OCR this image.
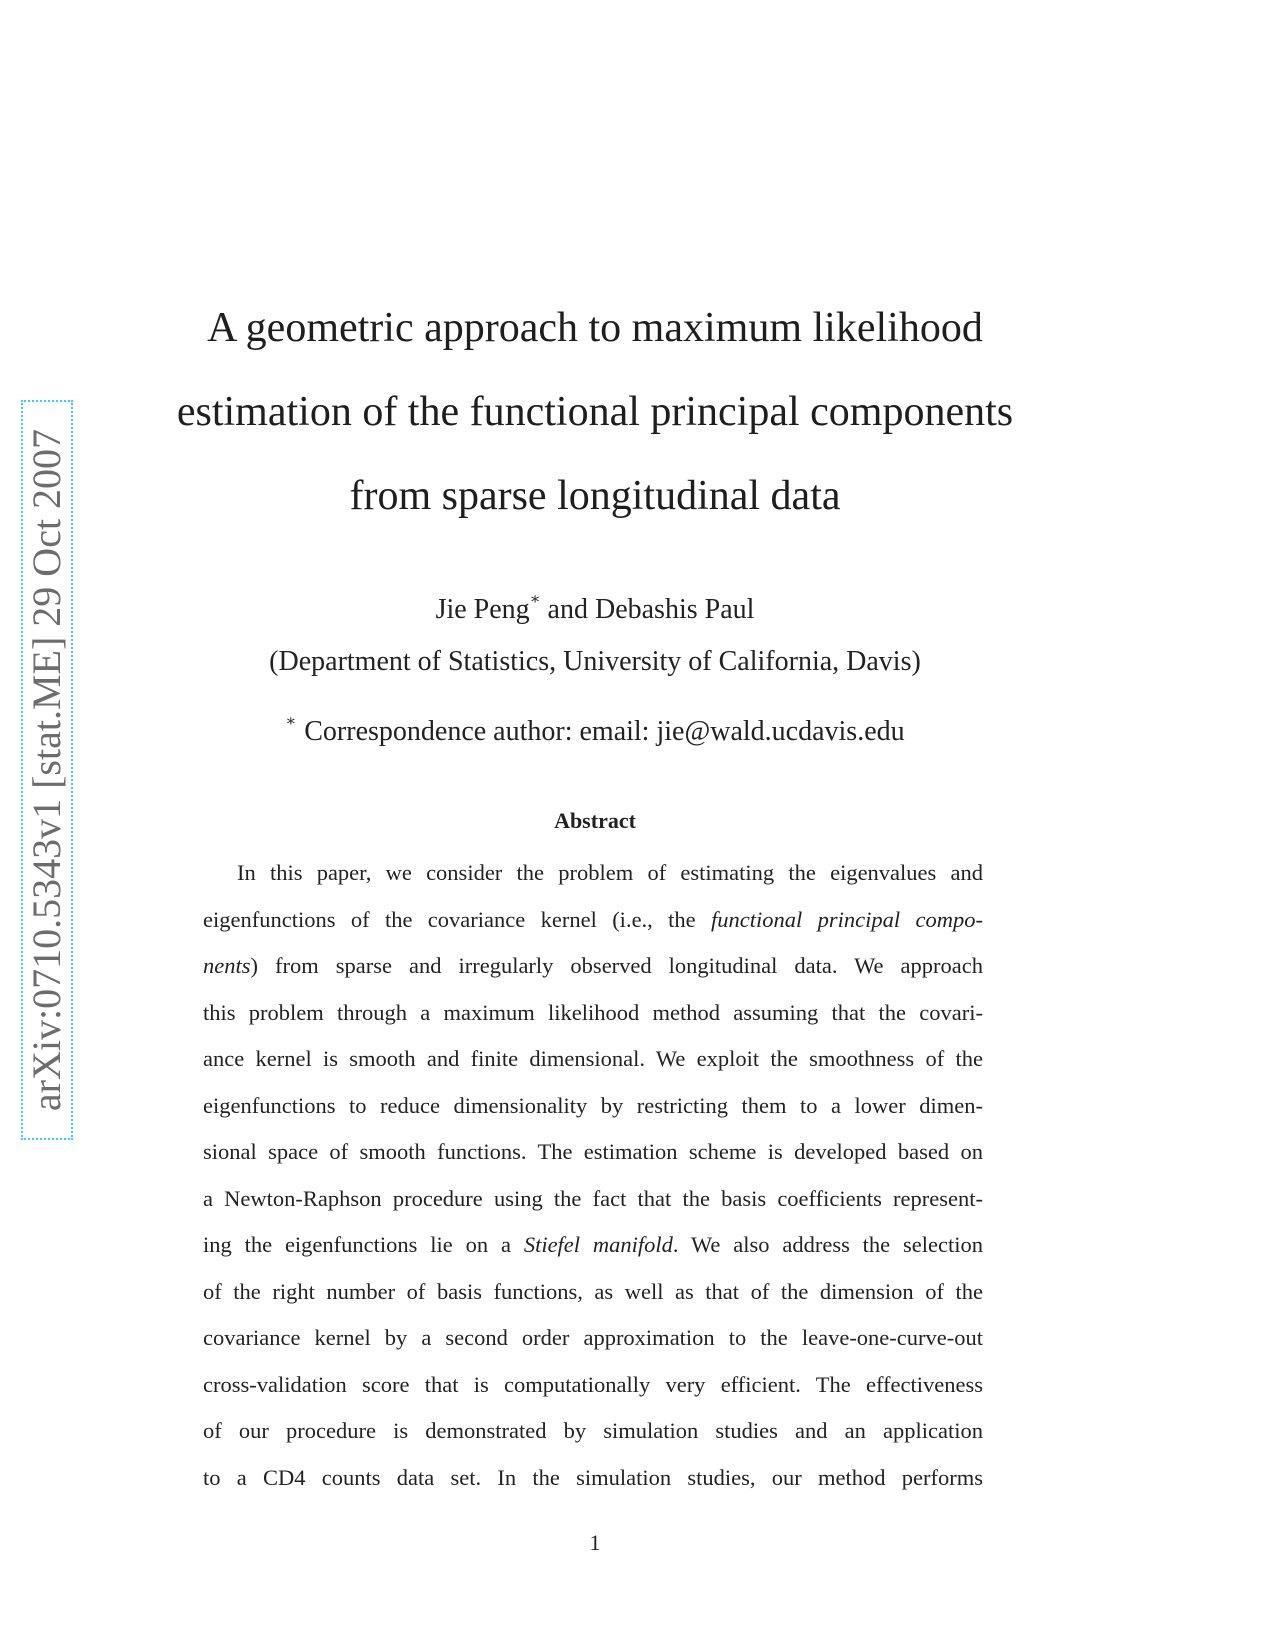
arXiv:0710.5343v1 [stat.ME] 29 Oct 2007
A geometric approach to maximum likelihood
estimation of the functional principal components
from sparse longitudinal data
Jie Peng∗ and Debashis Paul
(Department of Statistics, University of California, Davis)
∗ Correspondence author: email: jie@wald.ucdavis.edu
Abstract
In this paper, we consider the problem of estimating the eigenvalues and
eigenfunctions of the covariance kernel (i.e., the functional principal compo-
nents) from sparse and irregularly observed longitudinal data. We approach
this problem through a maximum likelihood method assuming that the covari-
ance kernel is smooth and finite dimensional. We exploit the smoothness of the
eigenfunctions to reduce dimensionality by restricting them to a lower dimen-
sional space of smooth functions. The estimation scheme is developed based on
a Newton-Raphson procedure using the fact that the basis coefficients represent-
ing the eigenfunctions lie on a Stiefel manifold. We also address the selection
of the right number of basis functions, as well as that of the dimension of the
covariance kernel by a second order approximation to the leave-one-curve-out
cross-validation score that is computationally very efficient. The effectiveness
of our procedure is demonstrated by simulation studies and an application
to a CD4 counts data set. In the simulation studies, our method performs
1
